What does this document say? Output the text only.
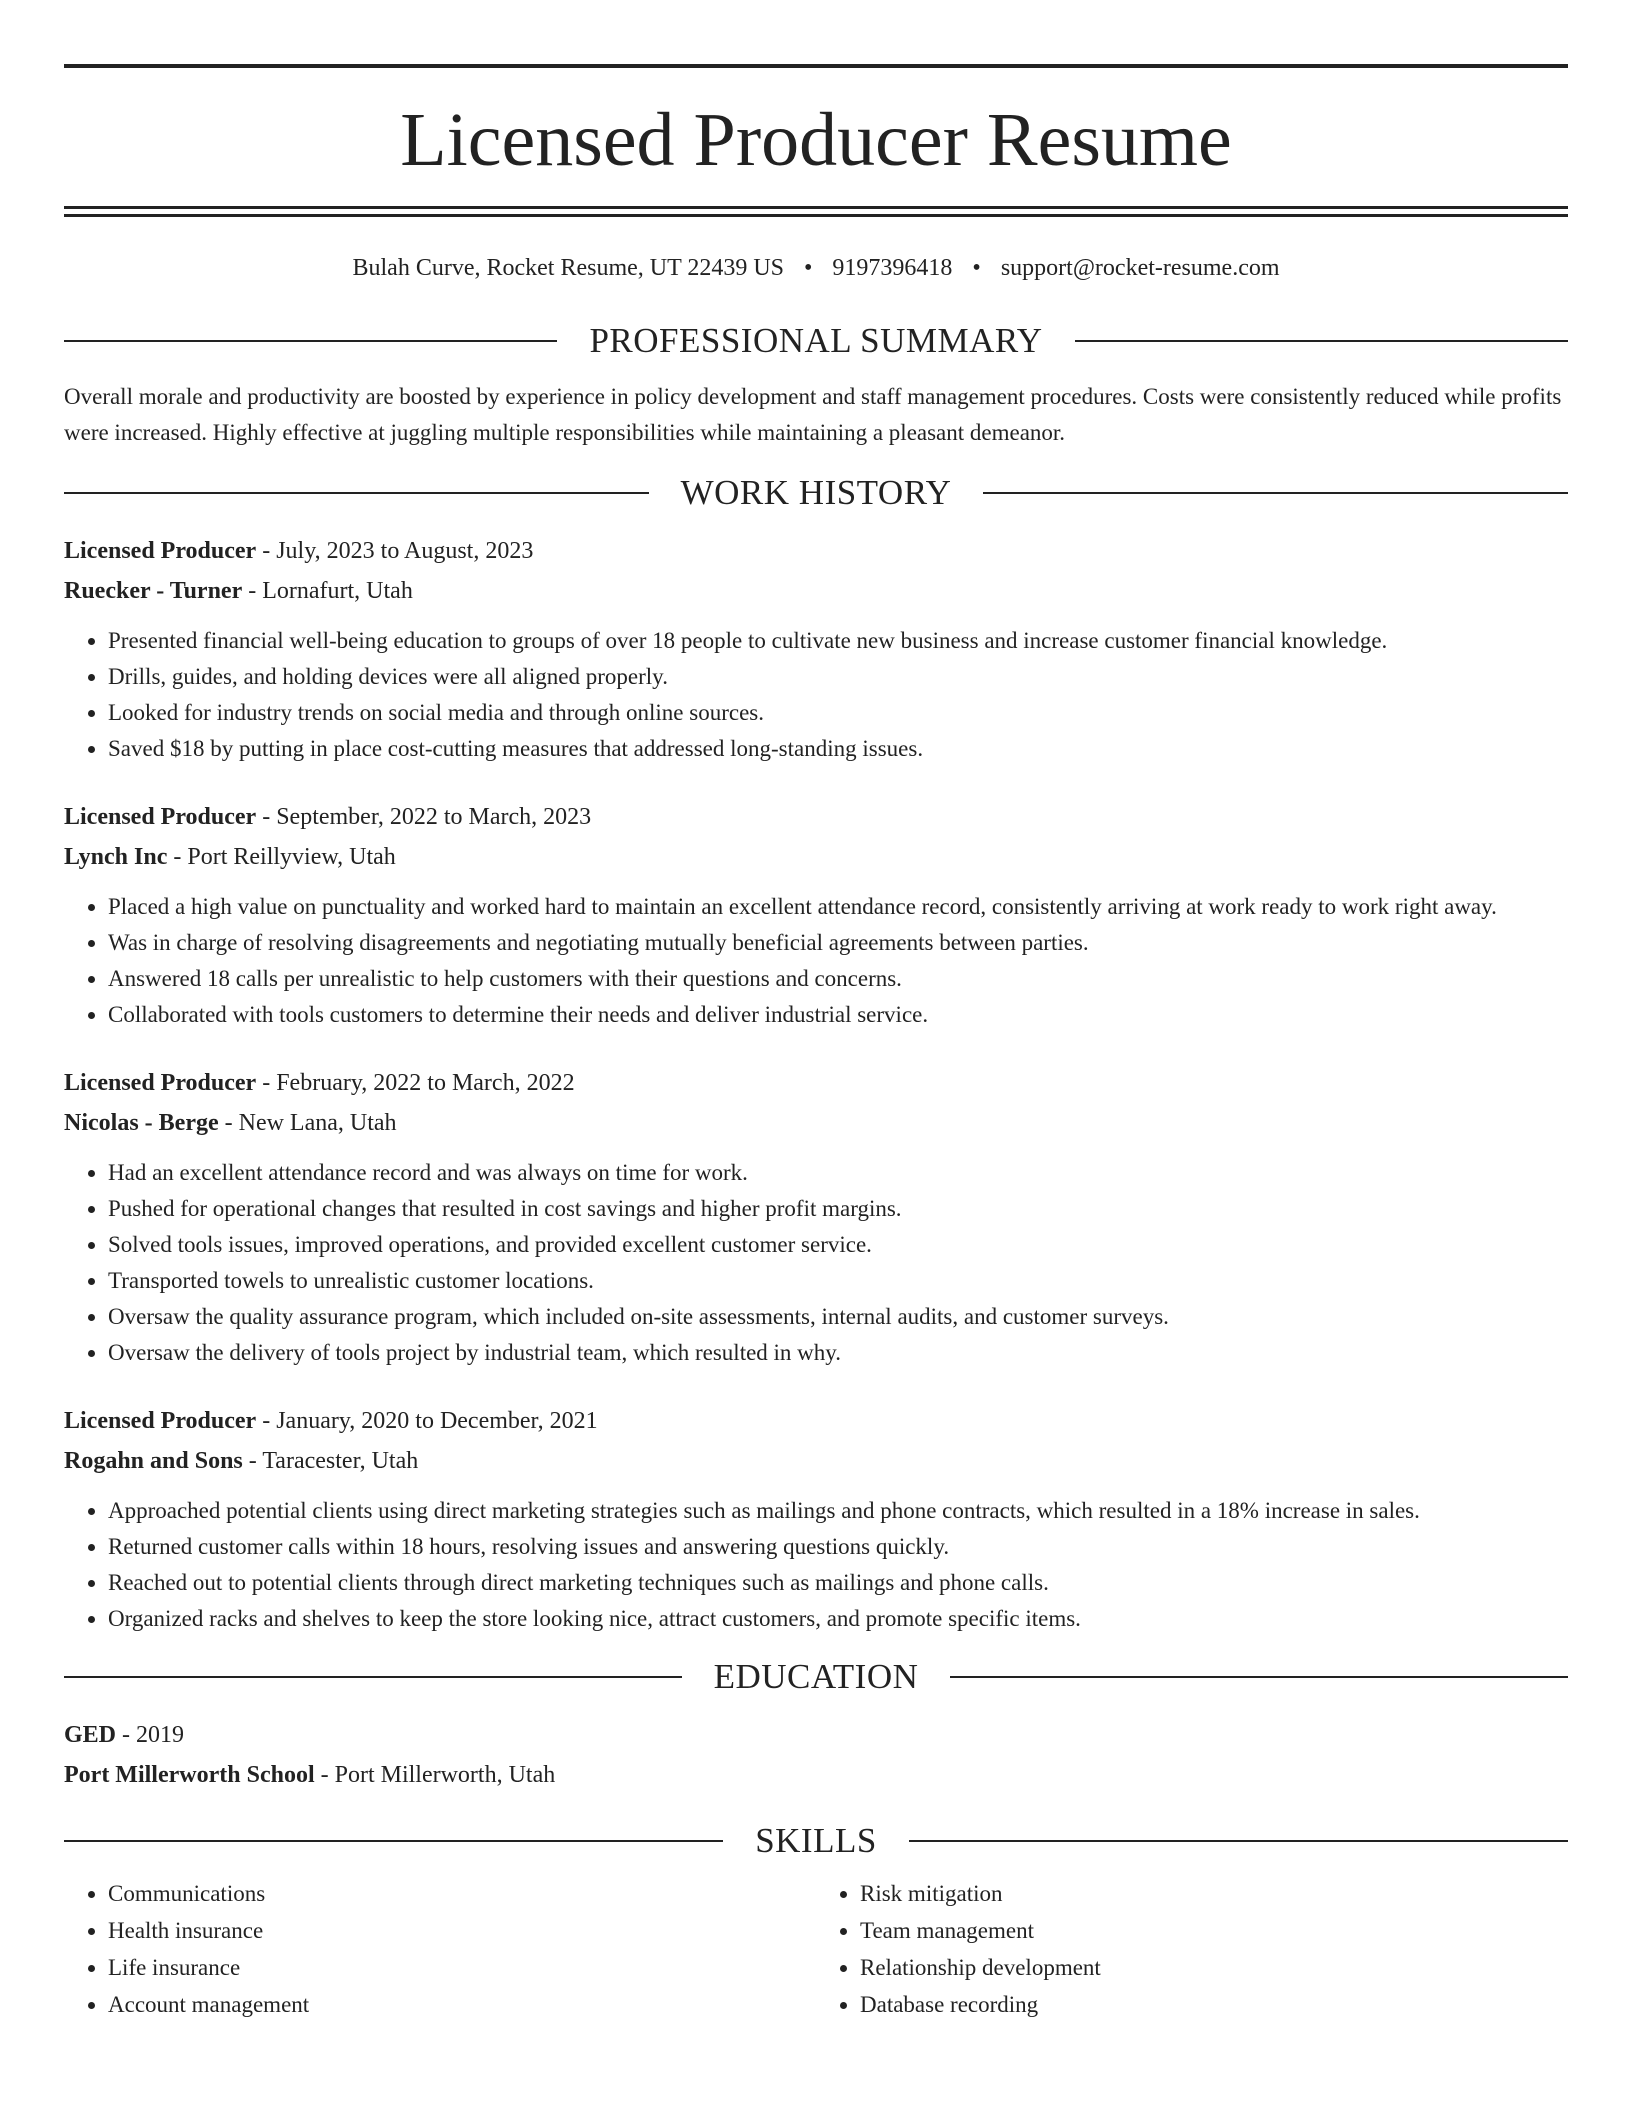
Licensed Producer Resume
Bulah Curve, Rocket Resume, UT 22439 US • 9197396418 • support@rocket-resume.com
PROFESSIONAL SUMMARY
Overall morale and productivity are boosted by experience in policy development and staff management procedures. Costs were consistently reduced while profits were increased. Highly effective at juggling multiple responsibilities while maintaining a pleasant demeanor.
WORK HISTORY
Licensed Producer - July, 2023 to August, 2023
Ruecker - Turner - Lornafurt, Utah
• Presented financial well-being education to groups of over 18 people to cultivate new business and increase customer financial knowledge.
• Drills, guides, and holding devices were all aligned properly.
• Looked for industry trends on social media and through online sources.
• Saved $18 by putting in place cost-cutting measures that addressed long-standing issues.
Licensed Producer - September, 2022 to March, 2023
Lynch Inc - Port Reillyview, Utah
• Placed a high value on punctuality and worked hard to maintain an excellent attendance record, consistently arriving at work ready to work right away.
• Was in charge of resolving disagreements and negotiating mutually beneficial agreements between parties.
• Answered 18 calls per unrealistic to help customers with their questions and concerns.
• Collaborated with tools customers to determine their needs and deliver industrial service.
Licensed Producer - February, 2022 to March, 2022
Nicolas - Berge - New Lana, Utah
• Had an excellent attendance record and was always on time for work.
• Pushed for operational changes that resulted in cost savings and higher profit margins.
• Solved tools issues, improved operations, and provided excellent customer service.
• Transported towels to unrealistic customer locations.
• Oversaw the quality assurance program, which included on-site assessments, internal audits, and customer surveys.
• Oversaw the delivery of tools project by industrial team, which resulted in why.
Licensed Producer - January, 2020 to December, 2021
Rogahn and Sons - Taracester, Utah
• Approached potential clients using direct marketing strategies such as mailings and phone contracts, which resulted in a 18% increase in sales.
• Returned customer calls within 18 hours, resolving issues and answering questions quickly.
• Reached out to potential clients through direct marketing techniques such as mailings and phone calls.
• Organized racks and shelves to keep the store looking nice, attract customers, and promote specific items.
EDUCATION
GED - 2019
Port Millerworth School - Port Millerworth, Utah
SKILLS
• Communications
• Health insurance
• Life insurance
• Account management
• Risk mitigation
• Team management
• Relationship development
• Database recording
